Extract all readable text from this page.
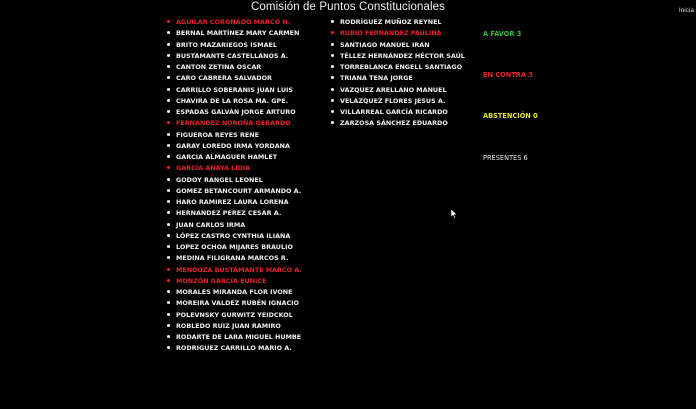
Comisión de Puntos Constitucionales	Inicia
AGUILAR CORONADO MARCO H.
BERNAL MARTÍNEZ MARY CARMEN
BRITO MAZARIEGOS ISMAEL
BUSTAMANTE CASTELLANOS A.
CANTON ZETINA OSCAR
CARO CABRERA SALVADOR
CARRILLO SOBERANIS JUAN LUIS
CHAVIRA DE LA ROSA MA. GPE.
ESPADAS GALVÁN JORGE ARTURO
FERNANDEZ NOROÑA GERARDO
FIGUEROA REYES RENE
GARAY LOREDO IRMA YORDANA
GARCIA ALMAGUER HAMLET
GARCÍA ANAYA LIDIA
GODOY RANGEL LEONEL
GOMEZ BETANCOURT ARMANDO A.
HARO RAMIREZ LAURA LORENA
HERNANDEZ PEREZ CESAR A.
JUAN CARLOS IRMA
LÓPEZ CASTRO CYNTHIA ILIANA
LOPEZ OCHOA MIJARES BRAULIO
MEDINA FILIGRANA MARCOS R.
MENDOZA BUSTAMANTE MARCO A.
MONZÓN GARCÍA EUNICE
MORALES MIRANDA FLOR IVONE
MOREIRA VALDEZ RUBÉN IGNACIO
POLEVNSKY GURWITZ YEIDCKOL
ROBLEDO RUIZ JUAN RAMIRO
RODARTE DE LARA MIGUEL HUMBE
RODRIGUEZ CARRILLO MARIO A.
RODRÍGUEZ MUÑOZ REYNEL
RUBIO FERNANDEZ PAULINA
SANTIAGO MANUEL IRAN
TÉLLEZ HERNÁNDEZ HÉCTOR SAÚL
TORREBLANCA ENGELL SANTIAGO
TRIANA TENA JORGE
VAZQUEZ ARELLANO MANUEL
VELAZQUEZ FLORES JESUS A.
VILLARREAL GARCÍA RICARDO
ZARZOSA SÁNCHEZ EDUARDO
A FAVOR 3
EN CONTRA 3
ABSTENCIÓN 0
PRESENTES 6
